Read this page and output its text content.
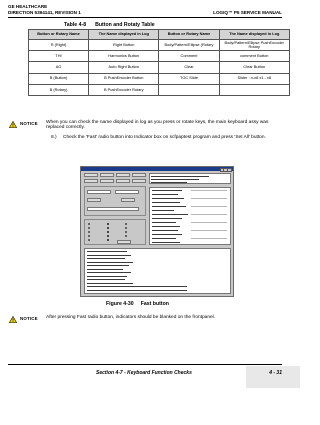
GE HEALTHCARE
DIRECTION 5394141, REVISION 1	LOGIQ™ P5 SERVICE MANUAL
Table 4-8 Button and Rotaty Table
Button or Rotary Name	The Name displayed in Log	Button or Rotary Name	The Name displayed in Log
R (Right)	Right Button	Body/Pattern/Ellipse (Rotary	Body/Pattern/Ellipse PushEncoder Rotary
THI	Harmonics Button	Comment	comment Button
AO	Auto Right Button	Clear	Clear Button
B (Button)	B PushEncoder Button	TGC Slide	Slider : n-x8 x1 - x8
B (Rotary)	B PushEncoder Rotary		
NOTICE When you can check the name displayed in log as you press or rotate keys, the main keyboard assy was replaced correctly.
8.) Check the 'Fast' radio button into Indicator box on scfpaptest program and press 'Set All' button.
Figure 4-30 Fast button
NOTICE After pressing Fast radio button, indicators should be blanked on the frontpanel.
Section 4-7 - Keyboard Function Checks	4 - 31
